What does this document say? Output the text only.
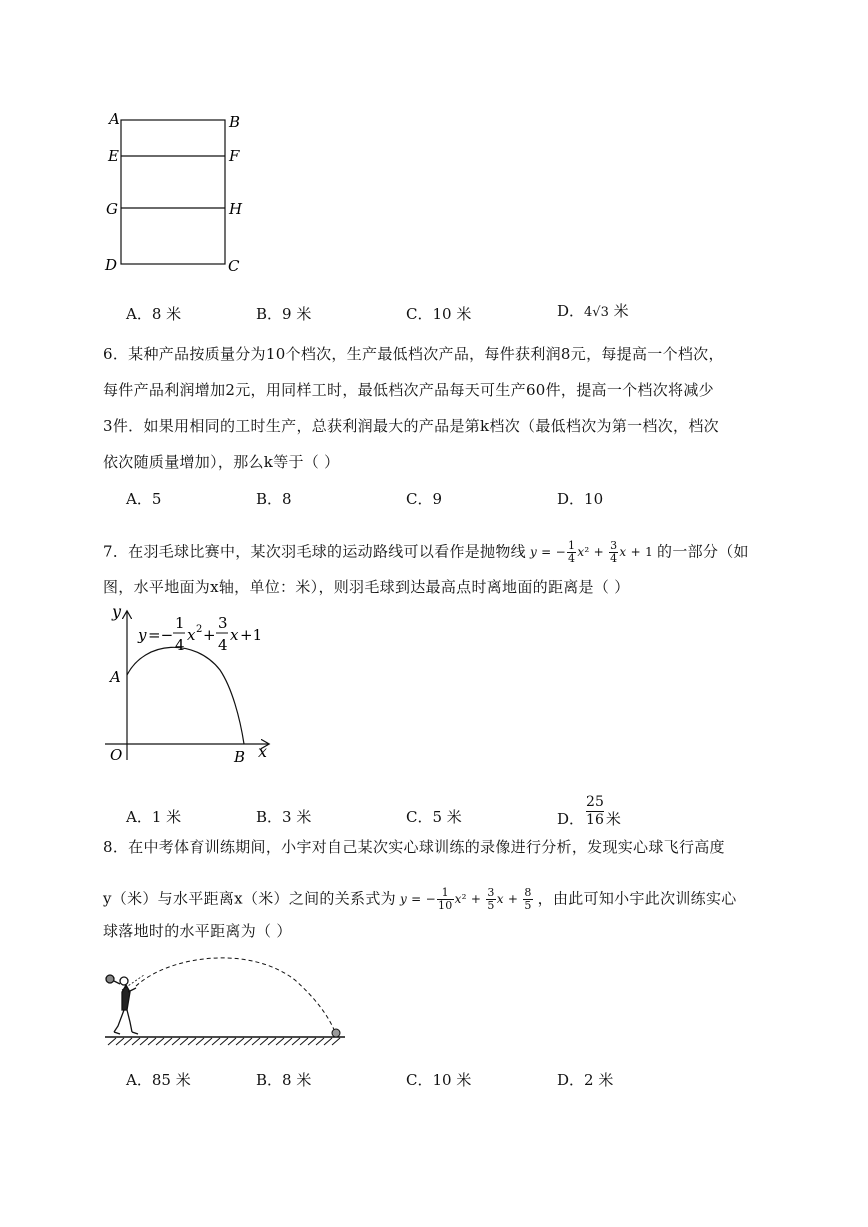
A	B
E	F
G	H
D	C
A．8 米	B．9 米	C．10 米	D．4√3 米
6．某种产品按质量分为10个档次，生产最低档次产品，每件获利润8元，每提高一个档次，
每件产品利润增加2元，用同样工时，最低档次产品每天可生产60件，提高一个档次将减少
3件．如果用相同的工时生产，总获利润最大的产品是第k档次（最低档次为第一档次，档次
依次随质量增加），那么k等于（ ）
A．5	B．8	C．9	D．10
7．在羽毛球比赛中，某次羽毛球的运动路线可以看作是抛物线 y = − $\frac{1}{4} x^2 + \frac{3}{4}$ x + 1 的一部分（如
图，水平地面为x轴，单位：米），则羽毛球到达最高点时离地面的距离是（ ）
y
x
O
A
B
y =−
1
4
x 2 +
3
4
x +1
A．1 米	B．3 米	C．5 米	D． $\frac{25}{16}$ 米
8．在中考体育训练期间，小宇对自己某次实心球训练的录像进行分析，发现实心球飞行高度
y（米）与水平距离x（米）之间的关系式为 y = − $\frac{1}{10} x^2 + \frac{3}{5}$ $x + \frac{8}{5}$ ，由此可知小宇此次训练实心
球落地时的水平距离为（ ）
A．85 米	B．8 米	C．10 米	D．2 米
